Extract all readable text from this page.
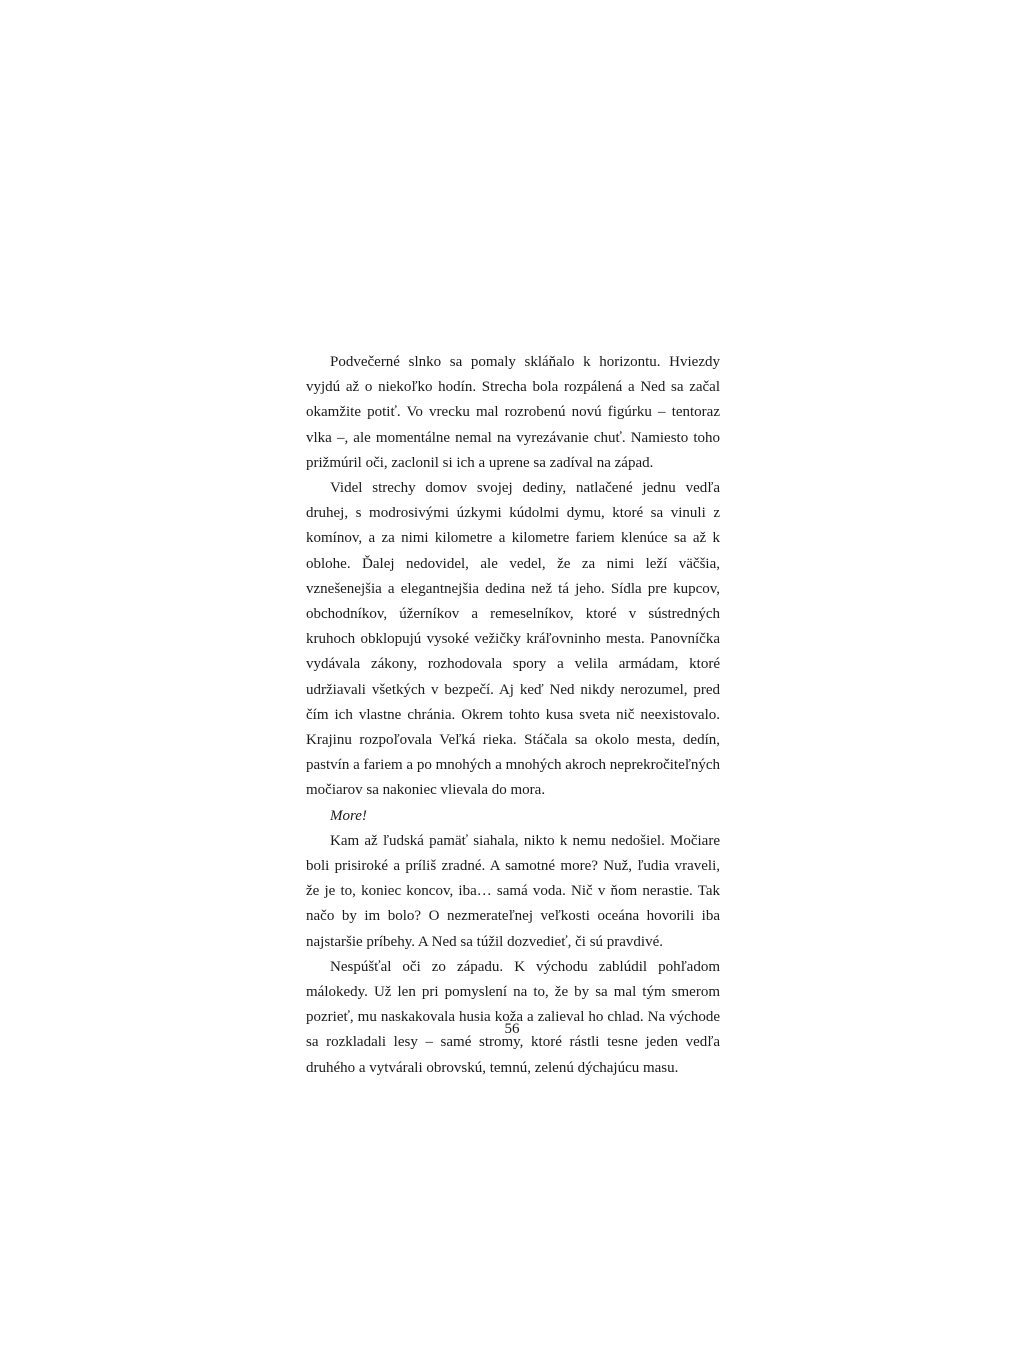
Podvečerné slnko sa pomaly skláňalo k horizontu. Hviezdy vyjdú až o niekoľko hodín. Strecha bola rozpálená a Ned sa začal okamžite potiť. Vo vrecku mal rozrobenú novú figúrku – tentoraz vlka –, ale momentálne nemal na vyrezávanie chuť. Namiesto toho prižmúril oči, zaclonil si ich a uprene sa zadíval na západ.

Videl strechy domov svojej dediny, natlačené jednu vedľa druhej, s modrosivými úzkymi kúdolmi dymu, ktoré sa vinuli z komínov, a za nimi kilometre a kilometre fariem klenúce sa až k oblohe. Ďalej nedovidel, ale vedel, že za nimi leží väčšia, vznešenejšia a elegantnejšia dedina než tá jeho. Sídla pre kupcov, obchodníkov, úžerníkov a remeselníkov, ktoré v sústredných kruhoch obklopujú vysoké vežičky kráľovninho mesta. Panovníčka vydávala zákony, rozhodovala spory a velila armádam, ktoré udržiavali všetkých v bezpečí. Aj keď Ned nikdy nerozumel, pred čím ich vlastne chránia. Okrem tohto kusa sveta nič neexistovalo. Krajinu rozpoľovala Veľká rieka. Stáčala sa okolo mesta, dedín, pastvín a fariem a po mnohých a mnohých akroch neprekročiteľných močiarov sa nakoniec vlievala do mora.

More!

Kam až ľudská pamäť siahala, nikto k nemu nedošiel. Močiare boli prisiroké a príliš zradné. A samotné more? Nuž, ľudia vraveli, že je to, koniec koncov, iba… samá voda. Nič v ňom nerastie. Tak načo by im bolo? O nezmerateľnej veľkosti oceána hovorili iba najstaršie príbehy. A Ned sa túžil dozvedieť, či sú pravdivé.

Nespúšťal oči zo západu. K východu zablúdil pohľadom málokedy. Už len pri pomyslení na to, že by sa mal tým smerom pozrieť, mu naskakovala husia koža a zalieval ho chlad. Na východe sa rozkladali lesy – samé stromy, ktoré rástli tesne jeden vedľa druhého a vytvárali obrovskú, temnú, zelenú dýchajúcu masu.

56
